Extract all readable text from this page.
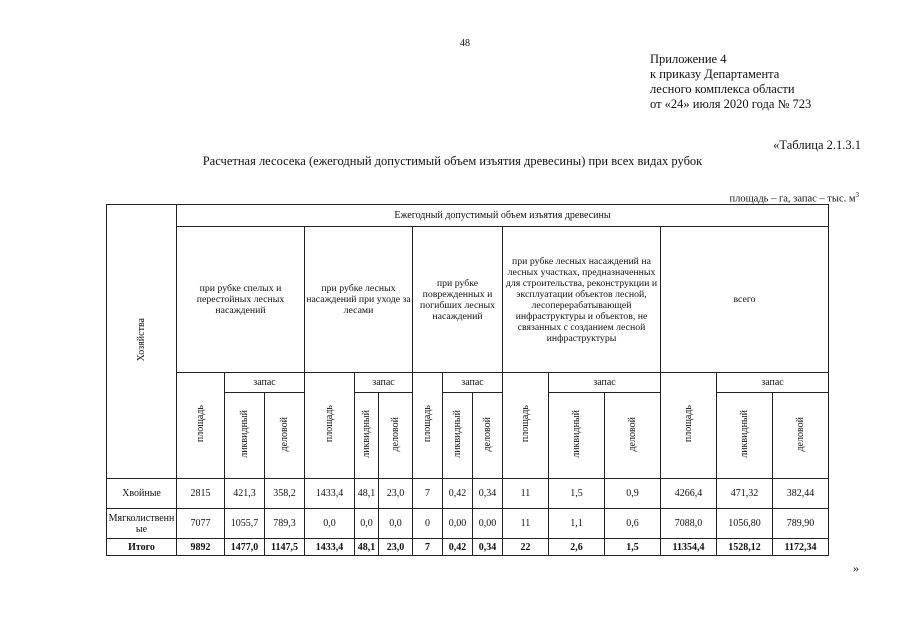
48
Приложение 4
к приказу Департамента
лесного комплекса области
от «24» июля 2020 года № 723
«Таблица 2.1.3.1
Расчетная лесосека (ежегодный допустимый объем изъятия древесины) при всех видах рубок
площадь – га, запас – тыс. $м^3$
Хозяйства	Ежегодный допустимый объем изъятия древесины														
	при рубке спелых и перестойных лесных насаждений			при рубке лесных насаждений при уходе за лесами			при рубке поврежденных и погибших лесных насаждений			при рубке лесных насаждений на лесных участках, предназначенных для строительства, реконструкции и эксплуатации объектов лесной, лесоперерабатывающей инфраструктуры и объектов, не связанных с созданием лесной инфраструктуры			всего		
	площадь	запас		площадь	запас		площадь	запас		площадь	запас		площадь	запас	
		ликвидный	деловой		ликвидный	деловой		ликвидный	деловой		ликвидный	деловой		ликвидный	деловой
Хвойные	2815	421,3	358,2	1433,4	48,1	23,0	7	0,42	0,34	11	1,5	0,9	4266,4	471,32	382,44
Мягколиственные	7077	1055,7	789,3	0,0	0,0	0,0	0	0,00	0,00	11	1,1	0,6	7088,0	1056,80	789,90
Итого	9892	1477,0	1147,5	1433,4	48,1	23,0	7	0,42	0,34	22	2,6	1,5	11354,4	1528,12	1172,34
»
